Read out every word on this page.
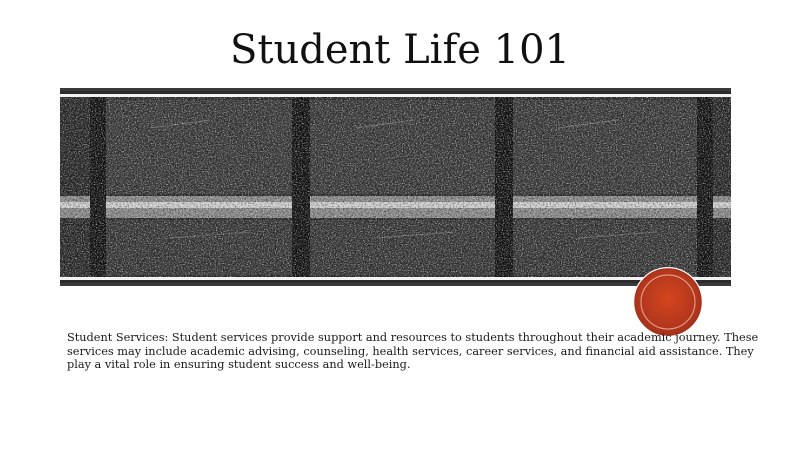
Student Life 101

Student Services: Student services provide support and resources to students throughout their academic journey. These services may include academic advising, counseling, health services, career services, and financial aid assistance. They play a vital role in ensuring student success and well-being.
